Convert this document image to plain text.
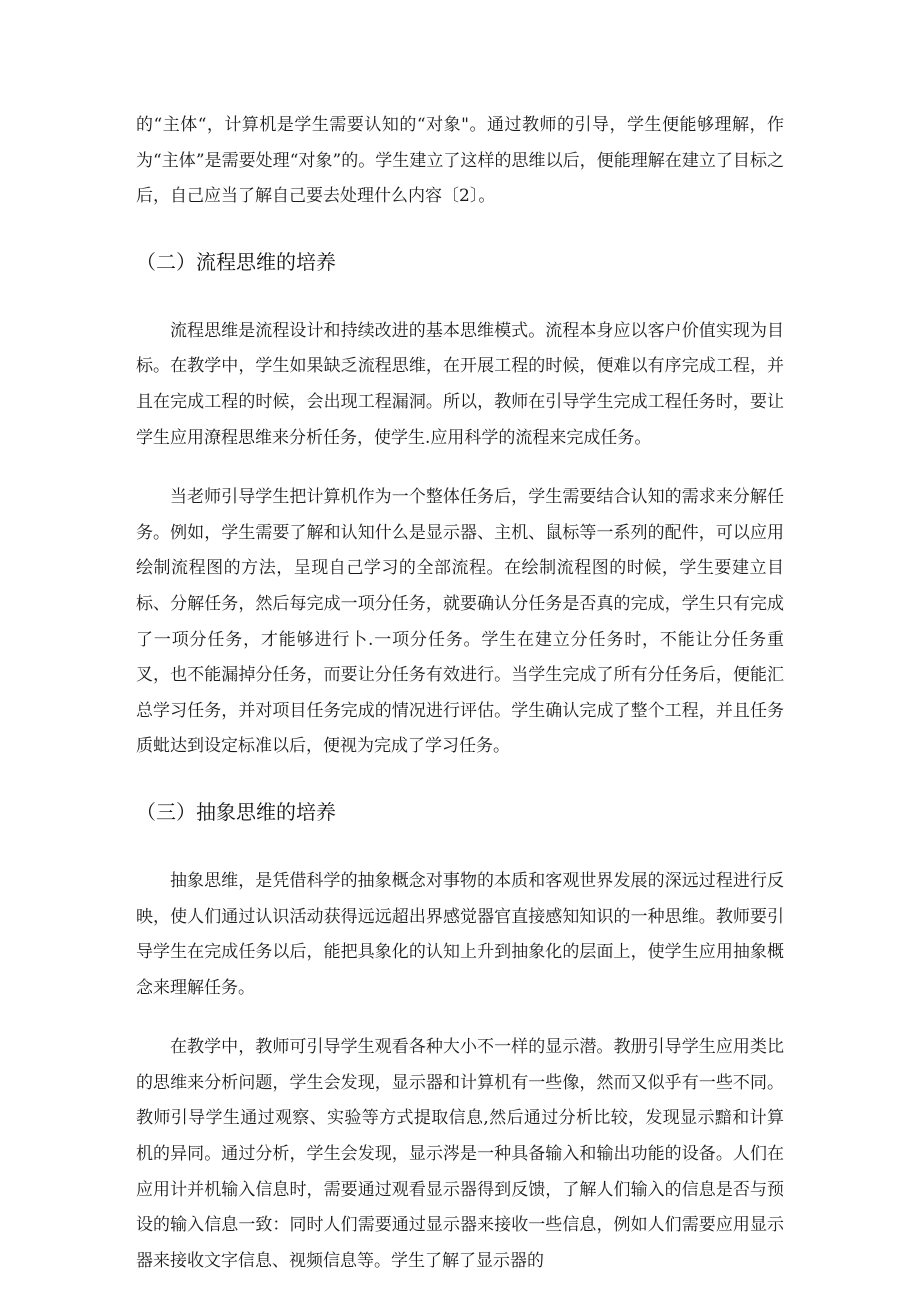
的“主体“，计算机是学生需要认知的“对象"。通过教师的引导，学生便能够理解，作为“主体”是需要处理“对象”的。学生建立了这样的思维以后，便能理解在建立了目标之后，自己应当了解自己要去处理什么内容〔2〕。

（二）流程思维的培养

流程思维是流程设计和持续改进的基本思维模式。流程本身应以客户价值实现为目标。在教学中，学生如果缺乏流程思维，在开展工程的时候，便难以有序完成工程，并且在完成工程的时候，会出现工程漏洞。所以，教师在引导学生完成工程任务时，要让学生应用潦程思维来分析任务，使学生.应用科学的流程来完成任务。

当老师引导学生把计算机作为一个整体任务后，学生需要结合认知的需求来分解任务。例如，学生需要了解和认知什么是显示器、主机、鼠标等一系列的配件，可以应用绘制流程图的方法，呈现自己学习的全部流程。在绘制流程图的时候，学生要建立目标、分解任务，然后每完成一项分任务，就要确认分任务是否真的完成，学生只有完成了一项分任务，才能够进行卜.一项分任务。学生在建立分任务时，不能让分任务重叉，也不能漏掉分任务，而要让分任务有效进行。当学生完成了所有分任务后，便能汇总学习任务，并对项目任务完成的情况进行评估。学生确认完成了整个工程，并且任务质蚍达到设定标准以后，便视为完成了学习任务。

（三）抽象思维的培养

抽象思维，是凭借科学的抽象概念对事物的本质和客观世界发展的深远过程进行反映，使人们通过认识活动获得远远超出界感觉器官直接感知知识的一种思维。教师要引导学生在完成任务以后，能把具象化的认知上升到抽象化的层面上，使学生应用抽象概念来理解任务。

在教学中，教师可引导学生观看各种大小不一样的显示潜。教册引导学生应用类比的思维来分析问题，学生会发现，显示器和计算机有一些像，然而又似乎有一些不同。教师引导学生通过观察、实验等方式提取信息,然后通过分析比较，发现显示黯和计算机的异同。通过分析，学生会发现，显示涔是一种具备输入和输出功能的设备。人们在应用计并机输入信息时，需要通过观看显示器得到反馈，了解人们输入的信息是否与预设的输入信息一致：同时人们需要通过显示器来接收一些信息，例如人们需要应用显示器来接收文字信息、视频信息等。学生了解了显示器的
